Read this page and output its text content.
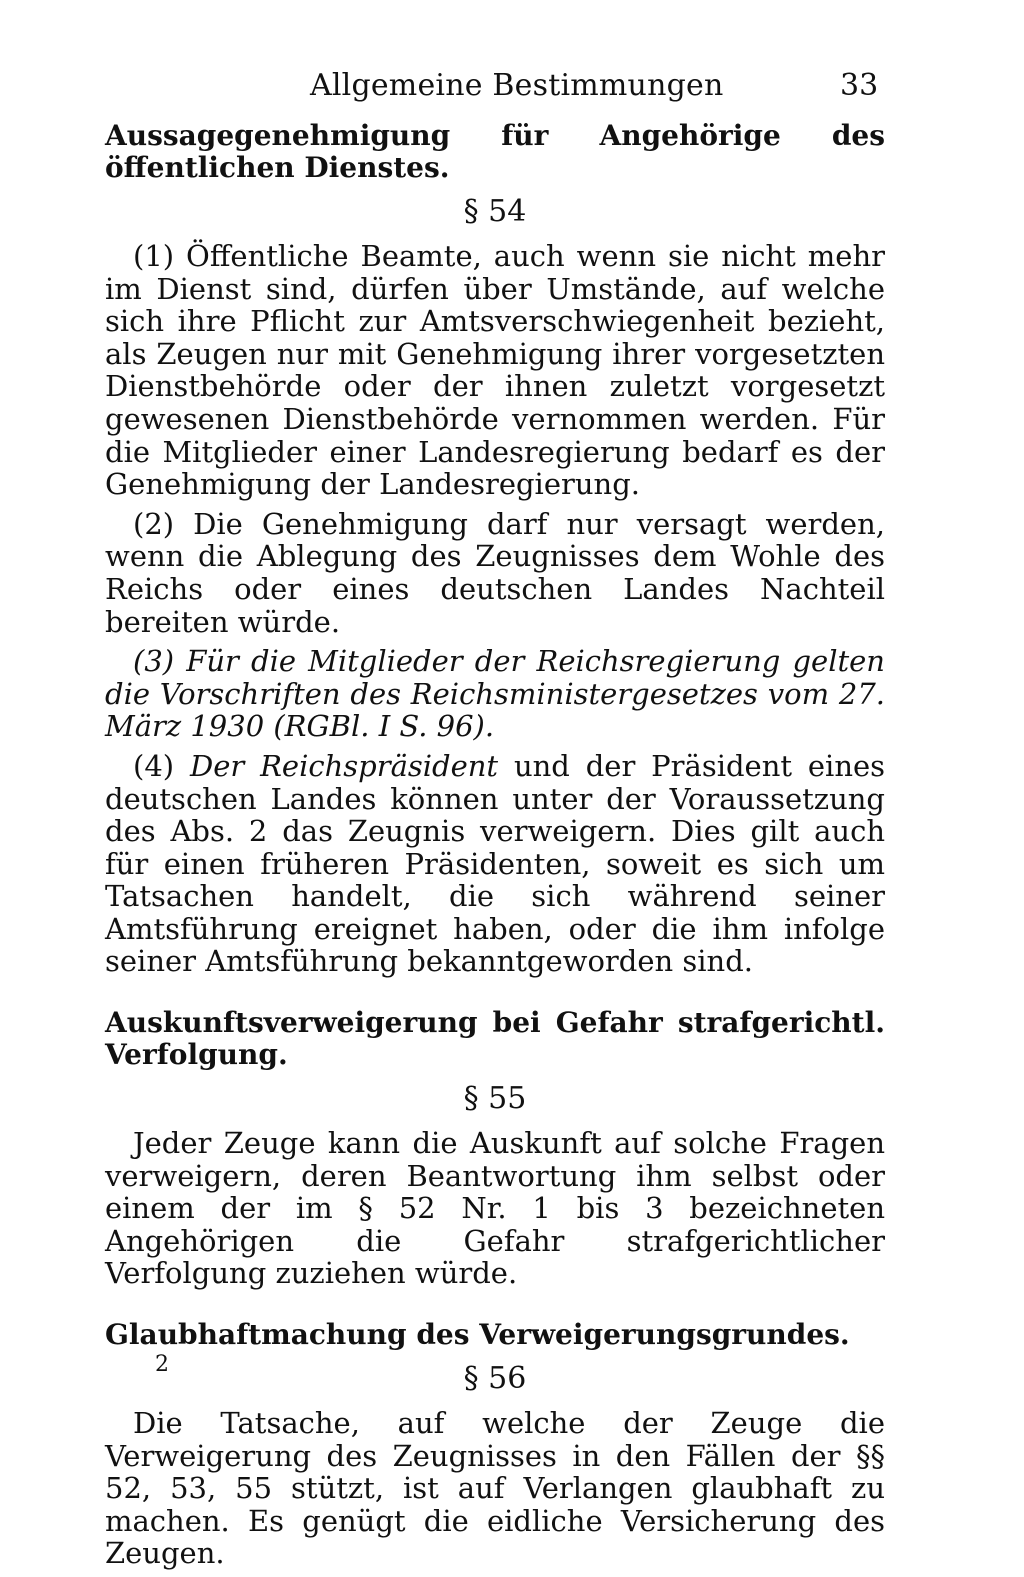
Allgemeine Bestimmungen	33
Aussagegenehmigung für Angehörige des öffentlichen Dienstes.
§ 54

(1) Öffentliche Beamte, auch wenn sie nicht mehr im Dienst sind, dürfen über Umstände, auf welche sich ihre Pflicht zur Amtsverschwiegenheit bezieht, als Zeugen nur mit Genehmigung ihrer vorgesetzten Dienstbehörde oder der ihnen zuletzt vorgesetzt gewesenen Dienstbehörde vernommen werden. Für die Mitglieder einer Landesregierung bedarf es der Genehmigung der Landesregierung.

(2) Die Genehmigung darf nur versagt werden, wenn die Ablegung des Zeugnisses dem Wohle des Reichs oder eines deutschen Landes Nachteil bereiten würde.

(3) Für die Mitglieder der Reichsregierung gelten die Vorschriften des Reichsministergesetzes vom 27. März 1930 (RGBl. I S. 96).

(4) Der Reichspräsident und der Präsident eines deutschen Landes können unter der Voraussetzung des Abs. 2 das Zeugnis verweigern. Dies gilt auch für einen früheren Präsidenten, soweit es sich um Tatsachen handelt, die sich während seiner Amtsführung ereignet haben, oder die ihm infolge seiner Amtsführung bekanntgeworden sind.

Auskunftsverweigerung bei Gefahr strafgerichtl. Verfolgung.
§ 55

Jeder Zeuge kann die Auskunft auf solche Fragen verweigern, deren Beantwortung ihm selbst oder einem der im § 52 Nr. 1 bis 3 bezeichneten Angehörigen die Gefahr strafgerichtlicher Verfolgung zuziehen würde.

Glaubhaftmachung des Verweigerungsgrundes.
§ 56

Die Tatsache, auf welche der Zeuge die Verweigerung des Zeugnisses in den Fällen der §§ 52, 53, 55 stützt, ist auf Verlangen glaubhaft zu machen. Es genügt die eidliche Versicherung des Zeugen.

2
